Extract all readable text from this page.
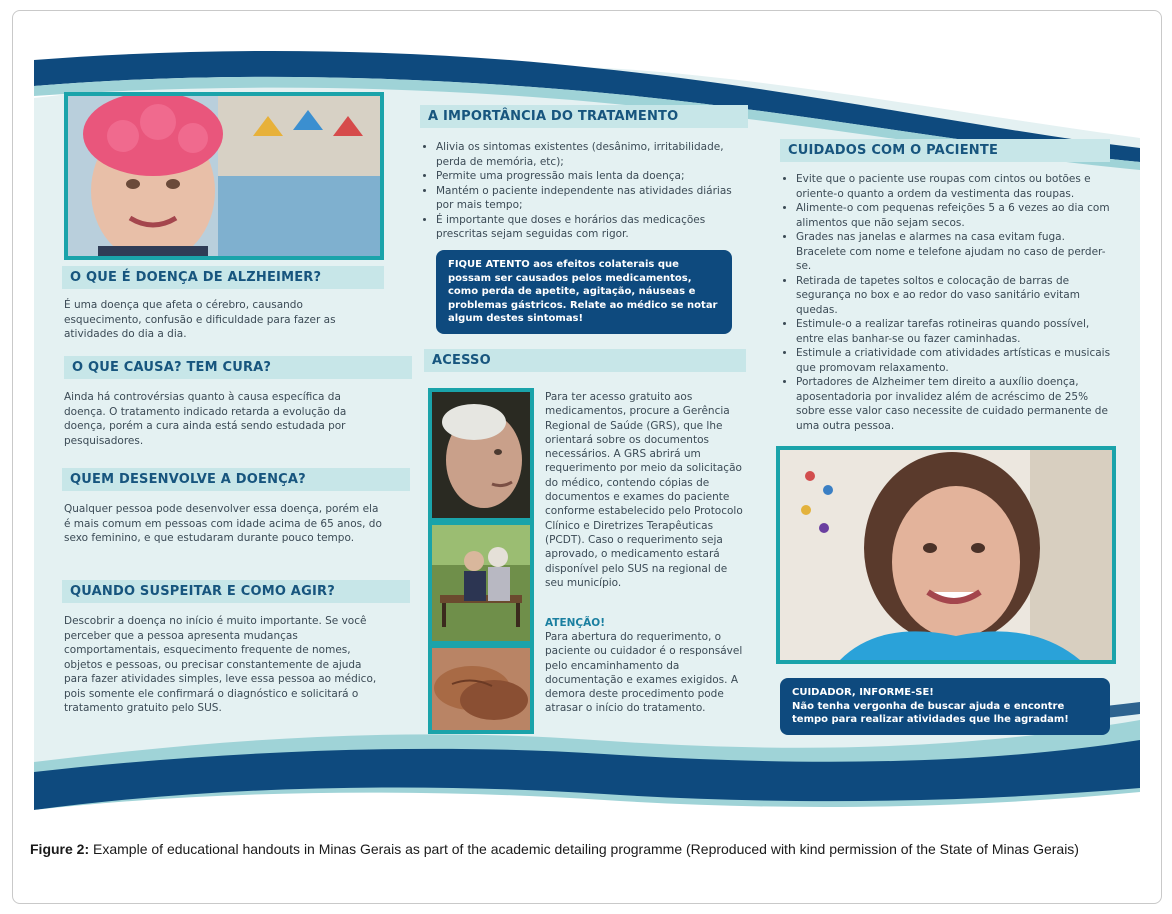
O QUE É DOENÇA DE ALZHEIMER?
É uma doença que afeta o cérebro, causando esquecimento, confusão e dificuldade para fazer as atividades do dia a dia.
O QUE CAUSA? TEM CURA?
Ainda há controvérsias quanto à causa específica da doença. O tratamento indicado retarda a evolução da doença, porém a cura ainda está sendo estudada por pesquisadores.
QUEM DESENVOLVE A DOENÇA?
Qualquer pessoa pode desenvolver essa doença, porém ela é mais comum em pessoas com idade acima de 65 anos, do sexo feminino, e que estudaram durante pouco tempo.
QUANDO SUSPEITAR E COMO AGIR?
Descobrir a doença no início é muito importante. Se você perceber que a pessoa apresenta mudanças comportamentais, esquecimento frequente de nomes, objetos e pessoas, ou precisar constantemente de ajuda para fazer atividades simples, leve essa pessoa ao médico, pois somente ele confirmará o diagnóstico e solicitará o tratamento gratuito pelo SUS.
A IMPORTÂNCIA DO TRATAMENTO
• Alivia os sintomas existentes (desânimo, irritabilidade, perda de memória, etc);
• Permite uma progressão mais lenta da doença;
• Mantém o paciente independente nas atividades diárias por mais tempo;
• É importante que doses e horários das medicações prescritas sejam seguidas com rigor.
FIQUE ATENTO aos efeitos colaterais que possam ser causados pelos medicamentos, como perda de apetite, agitação, náuseas e problemas gástricos. Relate ao médico se notar algum destes sintomas!
ACESSO
Para ter acesso gratuito aos medicamentos, procure a Gerência Regional de Saúde (GRS), que lhe orientará sobre os documentos necessários. A GRS abrirá um requerimento por meio da solicitação do médico, contendo cópias de documentos e exames do paciente conforme estabelecido pelo Protocolo Clínico e Diretrizes Terapêuticas (PCDT). Caso o requerimento seja aprovado, o medicamento estará disponível pelo SUS na regional de seu município.
ATENÇÃO!
Para abertura do requerimento, o paciente ou cuidador é o responsável pelo encaminhamento da documentação e exames exigidos. A demora deste procedimento pode atrasar o início do tratamento.
CUIDADOS COM O PACIENTE
• Evite que o paciente use roupas com cintos ou botões e oriente-o quanto a ordem da vestimenta das roupas.
• Alimente-o com pequenas refeições 5 a 6 vezes ao dia com alimentos que não sejam secos.
• Grades nas janelas e alarmes na casa evitam fuga. Bracelete com nome e telefone ajudam no caso de perder-se.
• Retirada de tapetes soltos e colocação de barras de segurança no box e ao redor do vaso sanitário evitam quedas.
• Estimule-o a realizar tarefas rotineiras quando possível, entre elas banhar-se ou fazer caminhadas.
• Estimule a criatividade com atividades artísticas e musicais que promovam relaxamento.
• Portadores de Alzheimer tem direito a auxílio doença, aposentadoria por invalidez além de acréscimo de 25% sobre esse valor caso necessite de cuidado permanente de uma outra pessoa.
CUIDADOR, INFORME-SE!
Não tenha vergonha de buscar ajuda e encontre tempo para realizar atividades que lhe agradam!
Figure 2: Example of educational handouts in Minas Gerais as part of the academic detailing programme (Reproduced with kind permission of the State of Minas Gerais)
